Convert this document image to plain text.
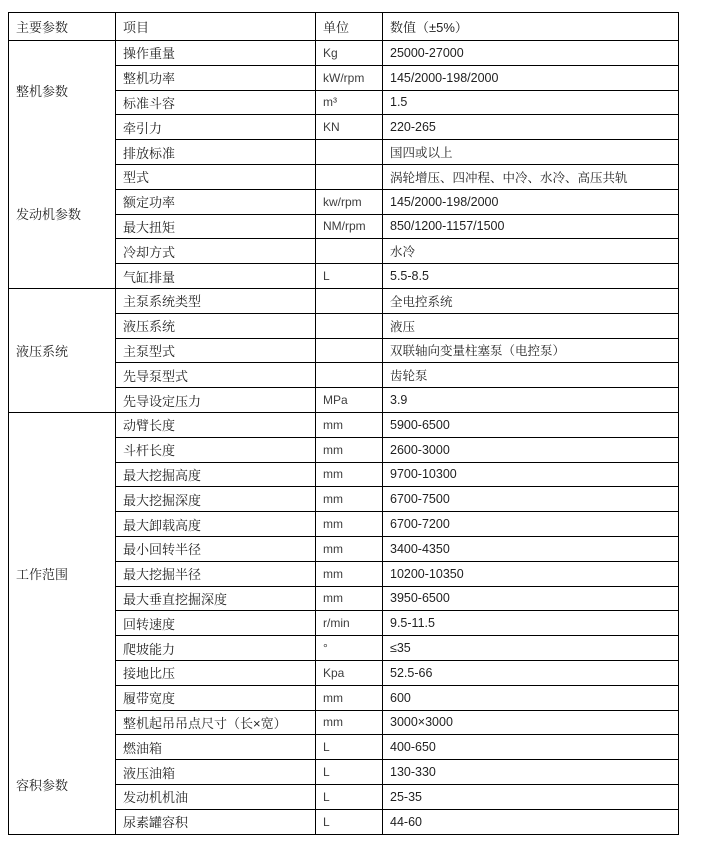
主要参数	项目	单位	数值（±5%）
整机参数	操作重量	Kg	25000-27000
	整机功率	kW/rpm	145/2000-198/2000
	标准斗容	m³	1.5
	牵引力	KN	220-265
发动机参数	排放标准		国四或以上
	型式		涡轮增压、四冲程、中冷、水冷、高压共轨
	额定功率	kw/rpm	145/2000-198/2000
	最大扭矩	NM/rpm	850/1200-1157/1500
	冷却方式		水冷
	气缸排量	L	5.5-8.5
液压系统	主泵系统类型		全电控系统
	液压系统		液压
	主泵型式		双联轴向变量柱塞泵（电控泵）
	先导泵型式		齿轮泵
	先导设定压力	MPa	3.9
工作范围	动臂长度	mm	5900-6500
	斗杆长度	mm	2600-3000
	最大挖掘高度	mm	9700-10300
	最大挖掘深度	mm	6700-7500
	最大卸载高度	mm	6700-7200
	最小回转半径	mm	3400-4350
	最大挖掘半径	mm	10200-10350
	最大垂直挖掘深度	mm	3950-6500
	回转速度	r/min	9.5-11.5
	爬坡能力	°	≤35
	接地比压	Kpa	52.5-66
	履带宽度	mm	600
	整机起吊吊点尺寸（长×宽）	mm	3000×3000
容积参数	燃油箱	L	400-650
	液压油箱	L	130-330
	发动机机油	L	25-35
	尿素罐容积	L	44-60
